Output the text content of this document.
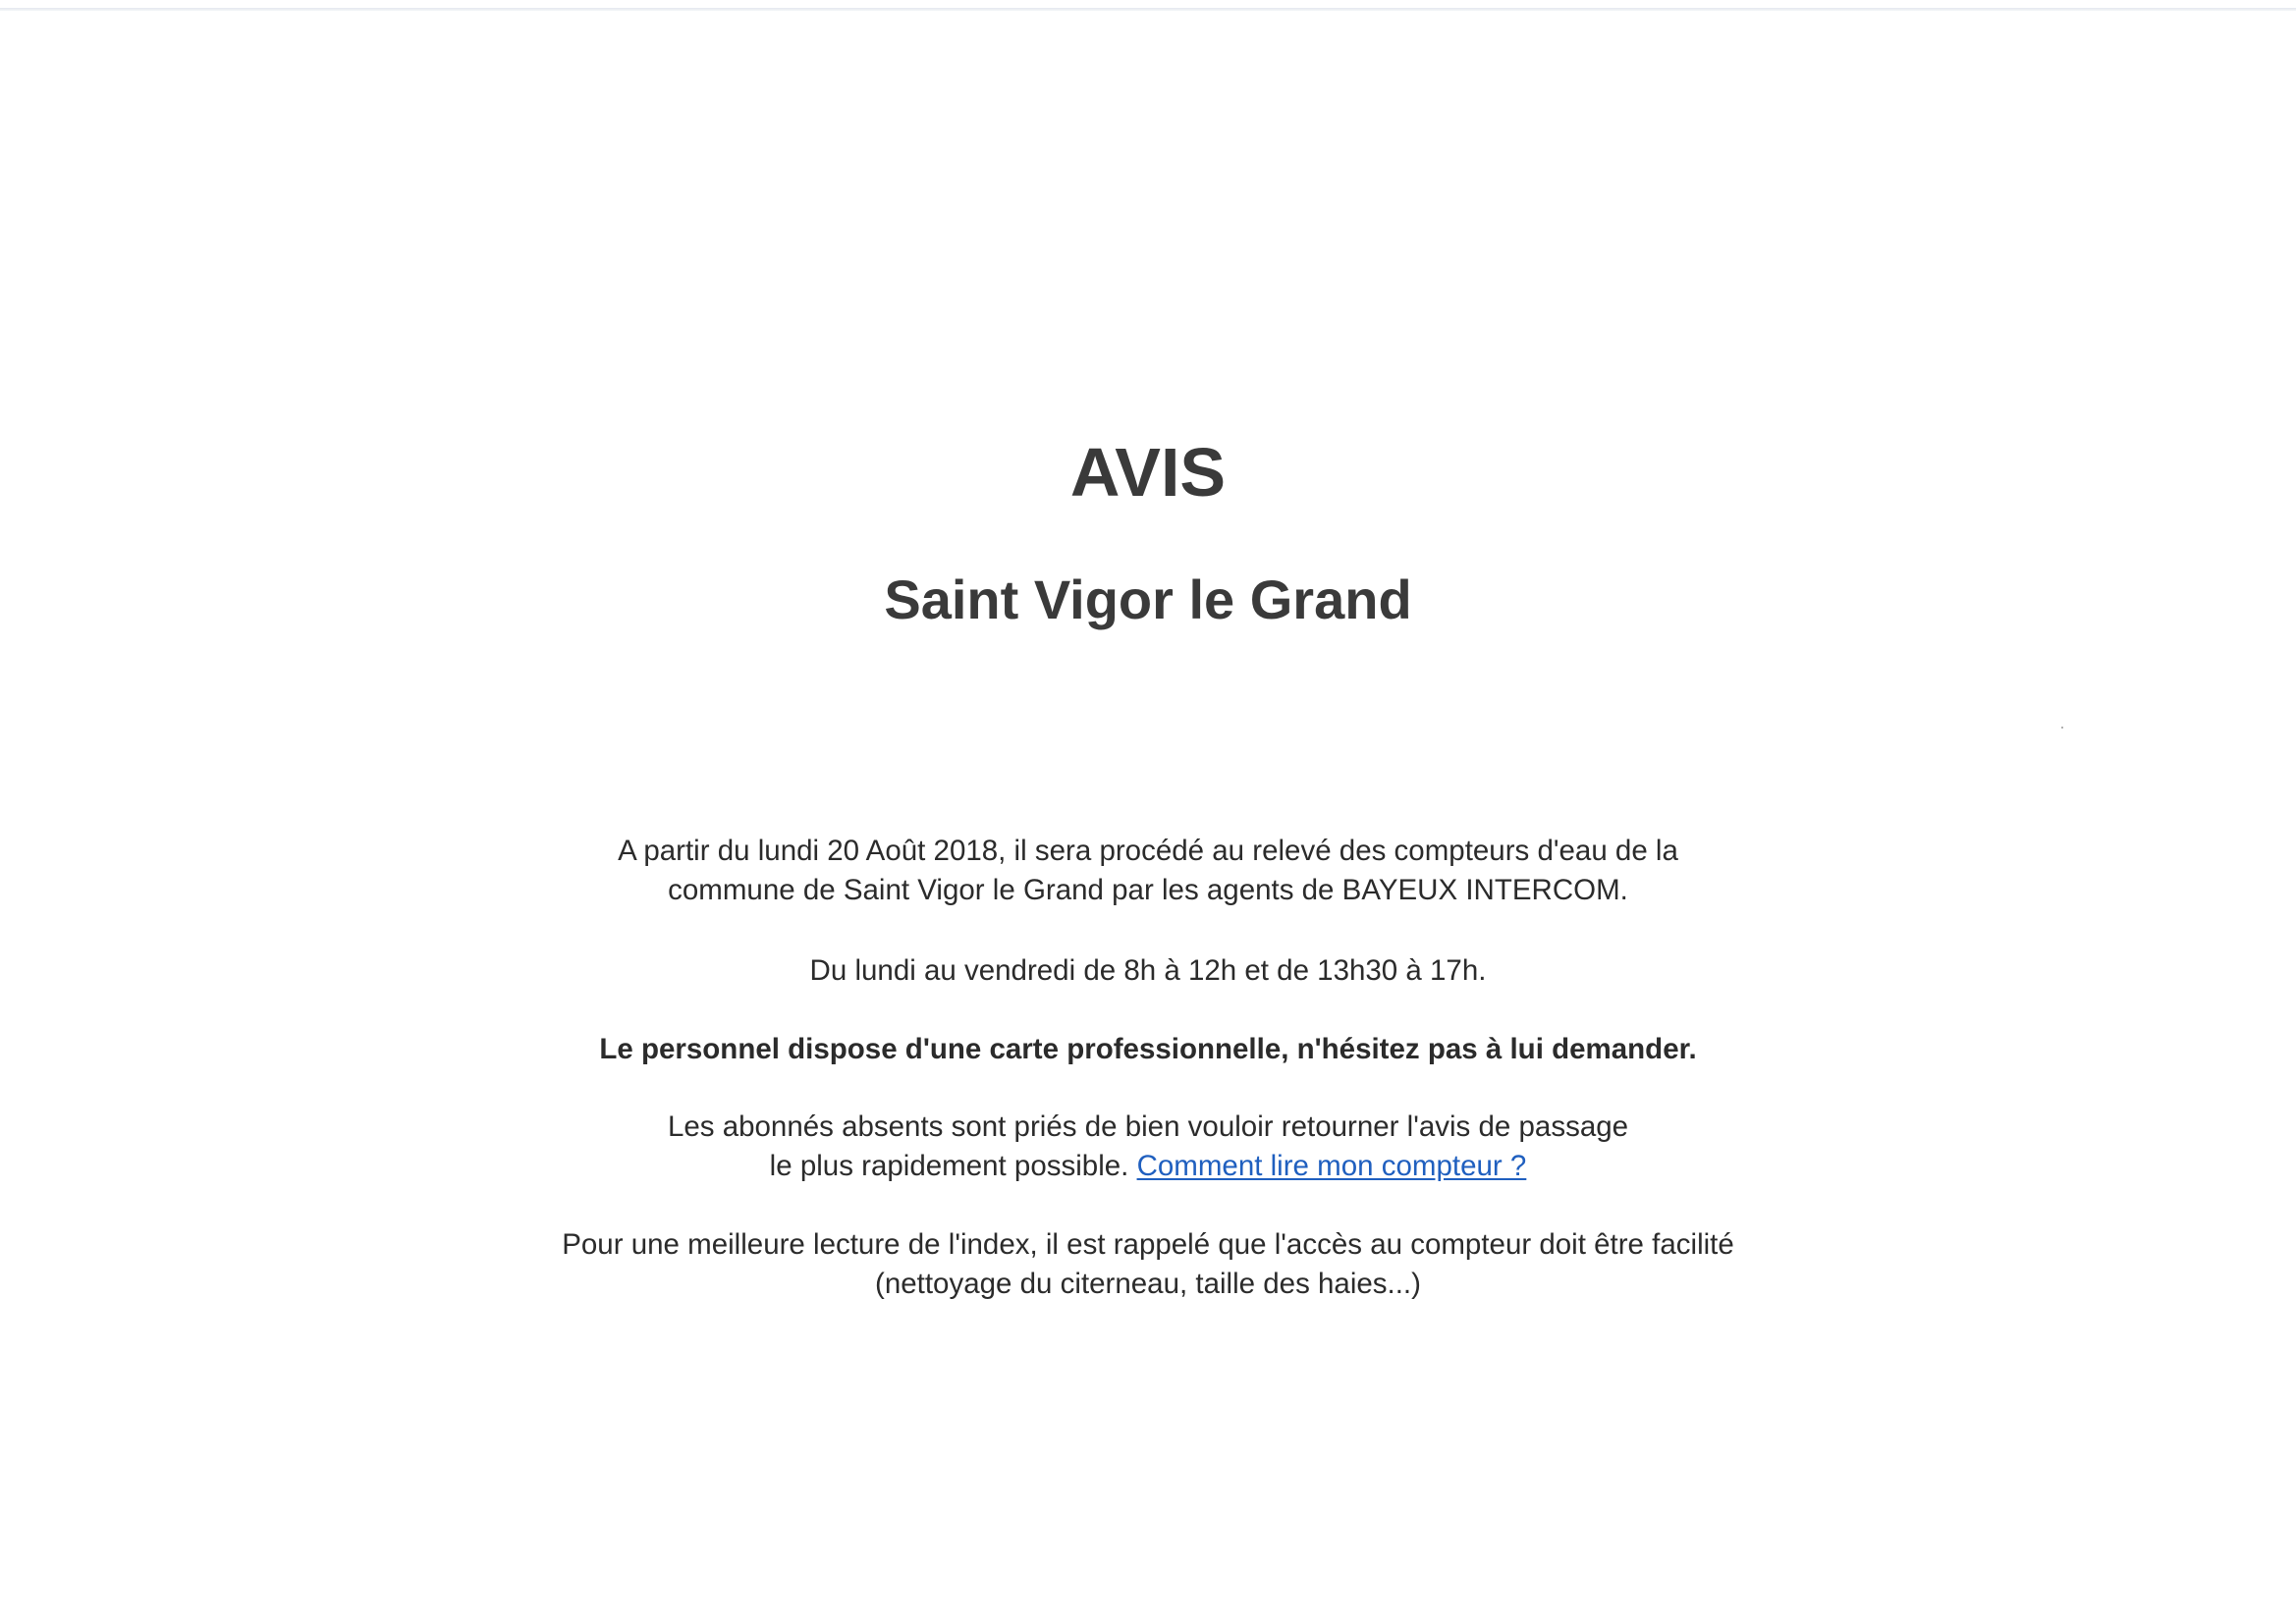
AVIS
Saint Vigor le Grand
A partir du lundi 20 Août 2018, il sera procédé au relevé des compteurs d'eau de la
commune de Saint Vigor le Grand par les agents de BAYEUX INTERCOM.
Du lundi au vendredi de 8h à 12h et de 13h30 à 17h.
Le personnel dispose d'une carte professionnelle, n'hésitez pas à lui demander.
Les abonnés absents sont priés de bien vouloir retourner l'avis de passage
le plus rapidement possible. Comment lire mon compteur ?
Pour une meilleure lecture de l'index, il est rappelé que l'accès au compteur doit être facilité
(nettoyage du citerneau, taille des haies...)
